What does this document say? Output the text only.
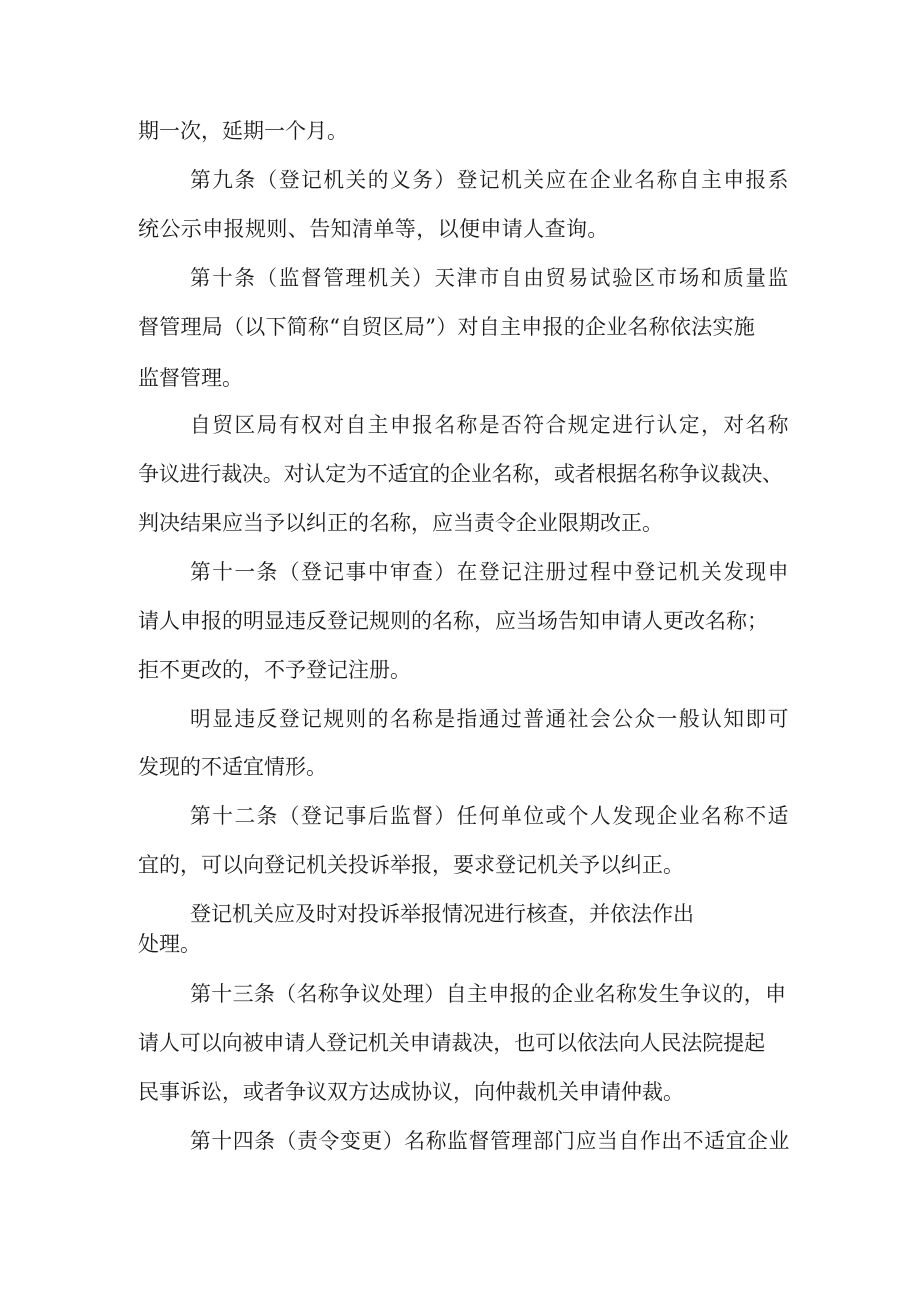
期一次，延期一个月。
第九条（登记机关的义务）登记机关应在企业名称自主申报系
统公示申报规则、告知清单等，以便申请人查询。
第十条（监督管理机关）天津市自由贸易试验区市场和质量监
督管理局（以下简称“自贸区局”）对自主申报的企业名称依法实施
监督管理。
自贸区局有权对自主申报名称是否符合规定进行认定，对名称
争议进行裁决。对认定为不适宜的企业名称，或者根据名称争议裁决、
判决结果应当予以纠正的名称，应当责令企业限期改正。
第十一条（登记事中审查）在登记注册过程中登记机关发现申
请人申报的明显违反登记规则的名称，应当场告知申请人更改名称；
拒不更改的，不予登记注册。
明显违反登记规则的名称是指通过普通社会公众一般认知即可
发现的不适宜情形。
第十二条（登记事后监督）任何单位或个人发现企业名称不适
宜的，可以向登记机关投诉举报，要求登记机关予以纠正。
登记机关应及时对投诉举报情况进行核查，并依法作出
处理。
第十三条（名称争议处理）自主申报的企业名称发生争议的，申
请人可以向被申请人登记机关申请裁决，也可以依法向人民法院提起
民事诉讼，或者争议双方达成协议，向仲裁机关申请仲裁。
第十四条（责令变更）名称监督管理部门应当自作出不适宜企业
